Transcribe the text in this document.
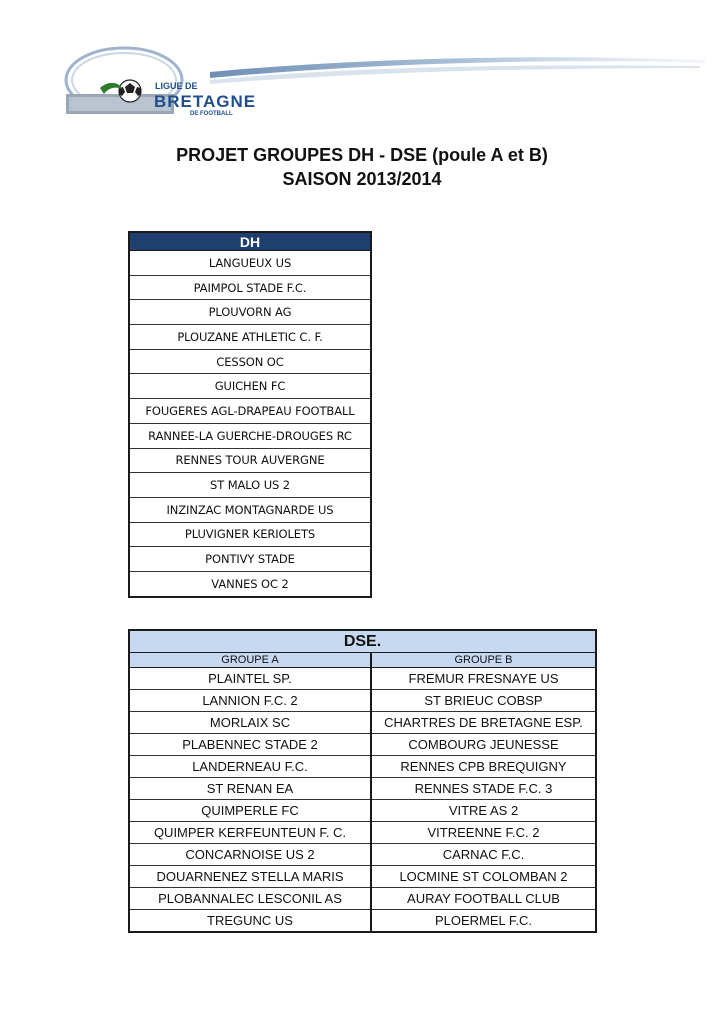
LIGUE DE
BRETAGNE
DE FOOTBALL
PROJET GROUPES DH - DSE (poule A et B)
SAISON 2013/2014
DH
LANGUEUX US
PAIMPOL STADE F.C.
PLOUVORN AG
PLOUZANE ATHLETIC C. F.
CESSON OC
GUICHEN FC
FOUGERES AGL-DRAPEAU FOOTBALL
RANNEE-LA GUERCHE-DROUGES RC
RENNES TOUR AUVERGNE
ST MALO US 2
INZINZAC MONTAGNARDE US
PLUVIGNER KERIOLETS
PONTIVY STADE
VANNES OC 2
DSE.	
GROUPE A	GROUPE B
PLAINTEL SP.	FREMUR FRESNAYE US
LANNION F.C. 2	ST BRIEUC COBSP
MORLAIX SC	CHARTRES DE BRETAGNE ESP.
PLABENNEC STADE 2	COMBOURG JEUNESSE
LANDERNEAU F.C.	RENNES CPB BREQUIGNY
ST RENAN EA	RENNES STADE F.C. 3
QUIMPERLE FC	VITRE AS 2
QUIMPER KERFEUNTEUN F. C.	VITREENNE F.C. 2
CONCARNOISE US 2	CARNAC F.C.
DOUARNENEZ STELLA MARIS	LOCMINE ST COLOMBAN 2
PLOBANNALEC LESCONIL AS	AURAY FOOTBALL CLUB
TREGUNC US	PLOERMEL F.C.
